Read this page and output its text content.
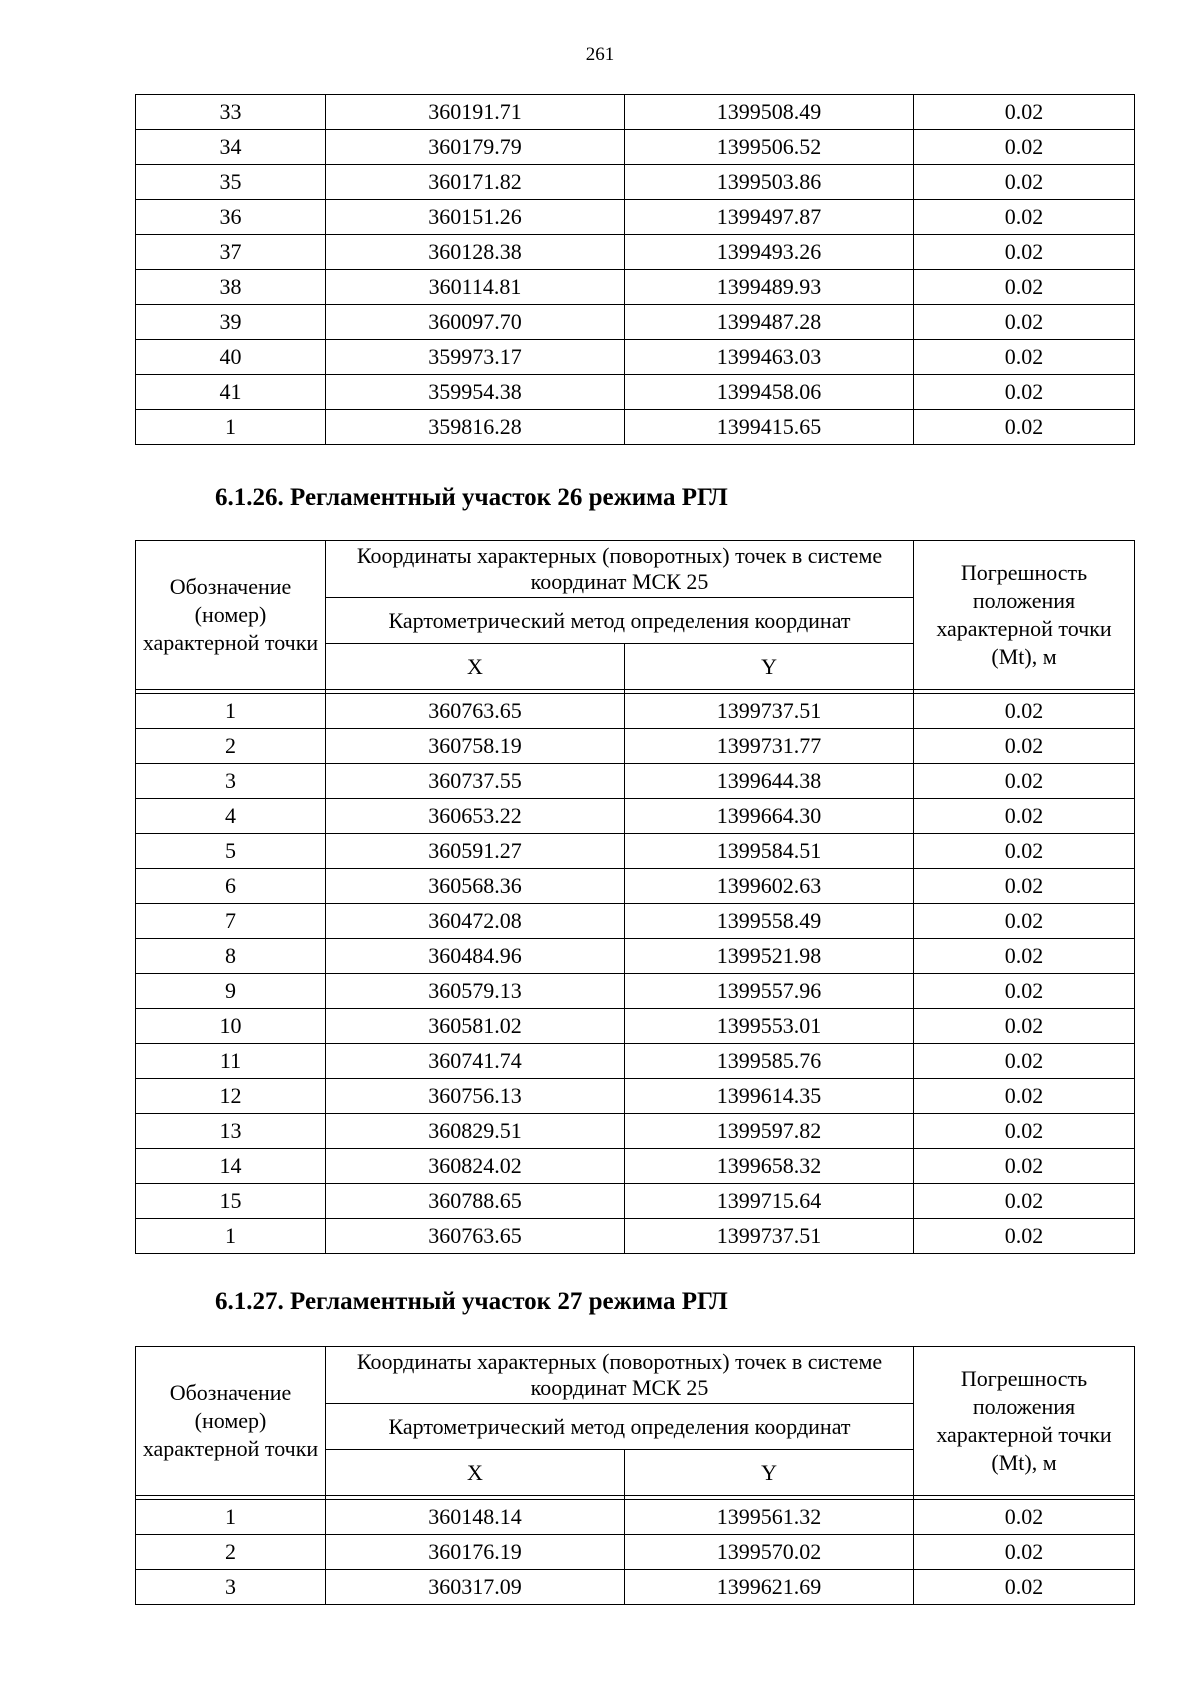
261
33	360191.71	1399508.49	0.02
34	360179.79	1399506.52	0.02
35	360171.82	1399503.86	0.02
36	360151.26	1399497.87	0.02
37	360128.38	1399493.26	0.02
38	360114.81	1399489.93	0.02
39	360097.70	1399487.28	0.02
40	359973.17	1399463.03	0.02
41	359954.38	1399458.06	0.02
1	359816.28	1399415.65	0.02
6.1.26. Регламентный участок 26 режима РГЛ
Обозначение (номер) характерной точки	Координаты характерных (поворотных) точек в системе координат МСК 25		Погрешность положения характерной точки (Mt), м
	Картометрический метод определения координат		
	X	Y	

1	360763.65	1399737.51	0.02
2	360758.19	1399731.77	0.02
3	360737.55	1399644.38	0.02
4	360653.22	1399664.30	0.02
5	360591.27	1399584.51	0.02
6	360568.36	1399602.63	0.02
7	360472.08	1399558.49	0.02
8	360484.96	1399521.98	0.02
9	360579.13	1399557.96	0.02
10	360581.02	1399553.01	0.02
11	360741.74	1399585.76	0.02
12	360756.13	1399614.35	0.02
13	360829.51	1399597.82	0.02
14	360824.02	1399658.32	0.02
15	360788.65	1399715.64	0.02
1	360763.65	1399737.51	0.02
6.1.27. Регламентный участок 27 режима РГЛ
Обозначение (номер) характерной точки	Координаты характерных (поворотных) точек в системе координат МСК 25		Погрешность положения характерной точки (Mt), м
	Картометрический метод определения координат		
	X	Y	

1	360148.14	1399561.32	0.02
2	360176.19	1399570.02	0.02
3	360317.09	1399621.69	0.02
